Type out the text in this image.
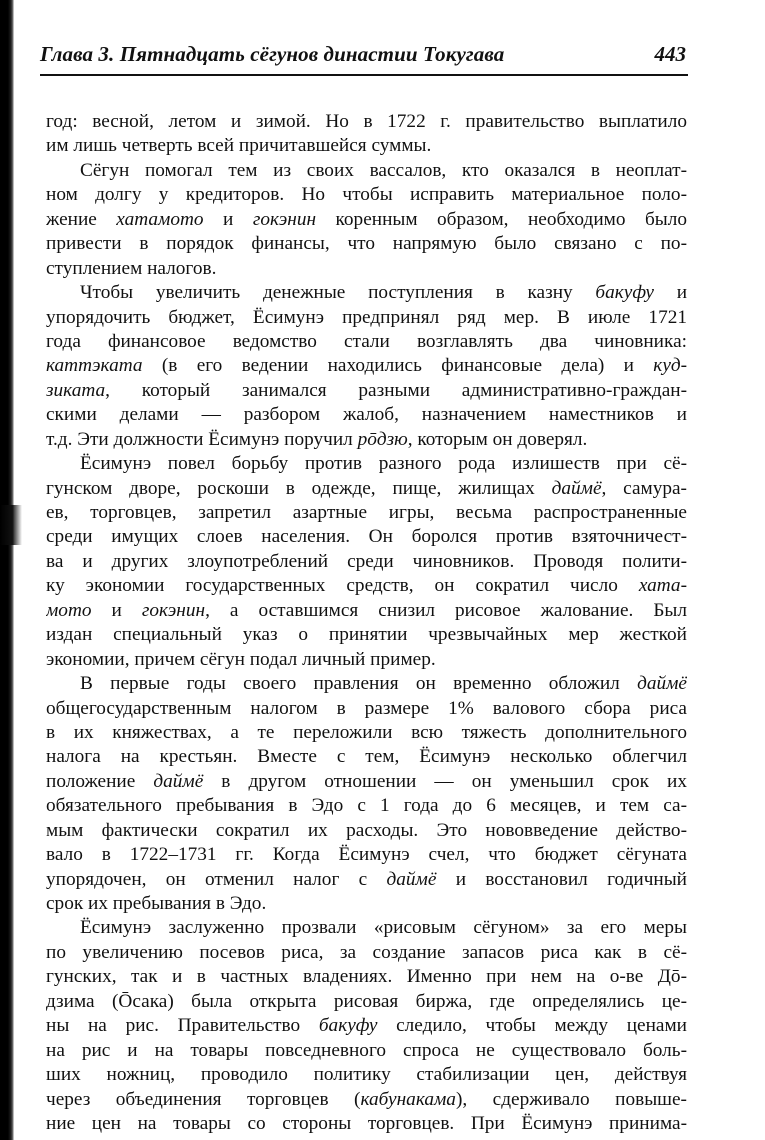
Глава 3. Пятнадцать сёгунов династии Токугава	443
год: весной, летом и зимой. Но в 1722 г. правительство выплатило
им лишь четверть всей причитавшейся суммы.
Сёгун помогал тем из своих вассалов, кто оказался в неоплат-
ном долгу у кредиторов. Но чтобы исправить материальное поло-
жение хатамото и гокэнин коренным образом, необходимо было
привести в порядок финансы, что напрямую было связано с по-
ступлением налогов.
Чтобы увеличить денежные поступления в казну бакуфу и
упорядочить бюджет, Ёсимунэ предпринял ряд мер. В июле 1721
года финансовое ведомство стали возглавлять два чиновника:
каттэката (в его ведении находились финансовые дела) и куд-
зиката, который занимался разными административно-граждан-
скими делами — разбором жалоб, назначением наместников и
т.д. Эти должности Ёсимунэ поручил рōдзю, которым он доверял.
Ёсимунэ повел борьбу против разного рода излишеств при сё-
гунском дворе, роскоши в одежде, пище, жилищах даймё, самура-
ев, торговцев, запретил азартные игры, весьма распространенные
среди имущих слоев населения. Он боролся против взяточничест-
ва и других злоупотреблений среди чиновников. Проводя полити-
ку экономии государственных средств, он сократил число хата-
мото и гокэнин, а оставшимся снизил рисовое жалование. Был
издан специальный указ о принятии чрезвычайных мер жесткой
экономии, причем сёгун подал личный пример.
В первые годы своего правления он временно обложил даймё
общегосударственным налогом в размере 1% валового сбора риса
в их княжествах, а те переложили всю тяжесть дополнительного
налога на крестьян. Вместе с тем, Ёсимунэ несколько облегчил
положение даймё в другом отношении — он уменьшил срок их
обязательного пребывания в Эдо с 1 года до 6 месяцев, и тем са-
мым фактически сократил их расходы. Это нововведение действо-
вало в 1722–1731 гг. Когда Ёсимунэ счел, что бюджет сёгуната
упорядочен, он отменил налог с даймё и восстановил годичный
срок их пребывания в Эдо.
Ёсимунэ заслуженно прозвали «рисовым сёгуном» за его меры
по увеличению посевов риса, за создание запасов риса как в сё-
гунских, так и в частных владениях. Именно при нем на о-ве Дō-
дзима (Ōсака) была открыта рисовая биржа, где определялись це-
ны на рис. Правительство бакуфу следило, чтобы между ценами
на рис и на товары повседневного спроса не существовало боль-
ших ножниц, проводило политику стабилизации цен, действуя
через объединения торговцев (кабунакама), сдерживало повыше-
ние цен на товары со стороны торговцев. При Ёсимунэ принима-
